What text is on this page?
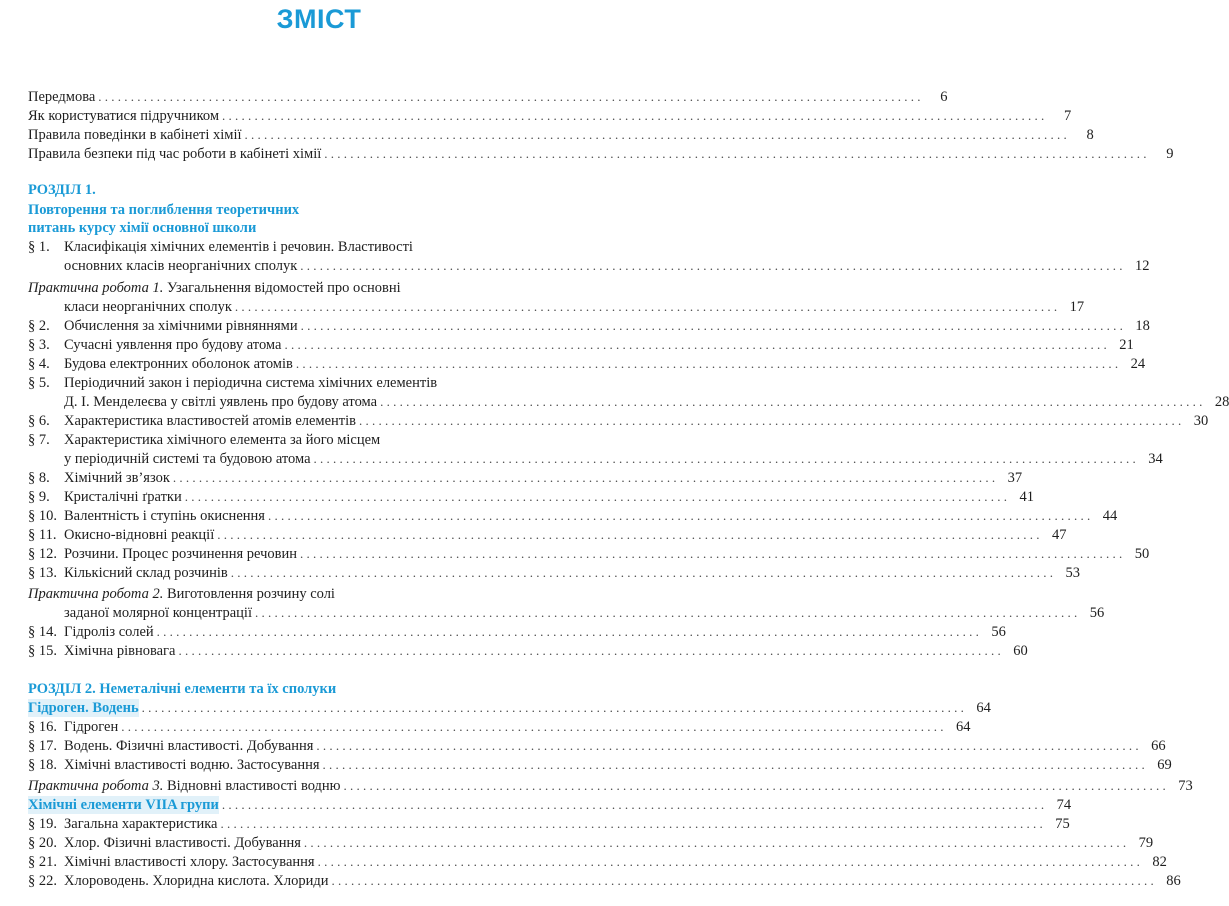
ЗМІСТ
Передмова . . .	6
Як користуватися підручником . . .	7
Правила поведінки в кабінеті хімії . . .	8
Правила безпеки під час роботи в кабінеті хімії . . .	9
РОЗДІЛ 1.
Повторення та поглиблення теоретичних
питань курсу хімії основної школи
§ 1. Класифікація хімічних елементів і речовин. Властивості
основних класів неорганічних сполук . . .	12
Практична робота 1. Узагальнення відомостей про основні
класи неорганічних сполук . . .	17
§ 2. Обчислення за хімічними рівняннями . . .	18
§ 3. Сучасні уявлення про будову атома . . .	21
§ 4. Будова електронних оболонок атомів . . .	24
§ 5. Періодичний закон і періодична система хімічних елементів
Д. І. Менделеєва у світлі уявлень про будову атома . . .	28
§ 6. Характеристика властивостей атомів елементів . . .	30
§ 7. Характеристика хімічного елемента за його місцем
у періодичній системі та будовою атома . . .	34
§ 8. Хімічний зв’язок . . .	37
§ 9. Кристалічні ґратки . . .	41
§ 10. Валентність і ступінь окиснення . . .	44
§ 11. Окисно-відновні реакції . . .	47
§ 12. Розчини. Процес розчинення речовин . . .	50
§ 13. Кількісний склад розчинів . . .	53
Практична робота 2. Виготовлення розчину солі
заданої молярної концентрації . . .	56
§ 14. Гідроліз солей . . .	56
§ 15. Хімічна рівновага . . .	60
РОЗДІЛ 2. Неметалічні елементи та їх сполуки
Гідроген. Водень . . .	64
§ 16. Гідроген . . .	64
§ 17. Водень. Фізичні властивості. Добування . . .	66
§ 18. Хімічні властивості водню. Застосування . . .	69
Практична робота 3. Відновні властивості водню . . .	73
Хімічні елементи VIIA групи . . .	74
§ 19. Загальна характеристика . . .	75
§ 20. Хлор. Фізичні властивості. Добування . . .	79
§ 21. Хімічні властивості хлору. Застосування . . .	82
§ 22. Хлороводень. Хлоридна кислота. Хлориди . . .	86
